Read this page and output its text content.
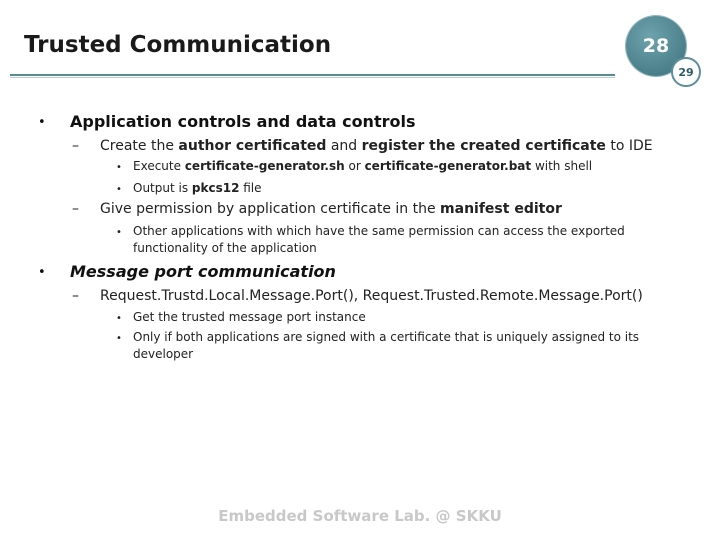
Trusted Communication	28
29
• Application controls and data controls
– Create the author certificated and register the created certificate to IDE
• Execute certificate-generator.sh or certificate-generator.bat with shell
• Output is pkcs12 file
– Give permission by application certificate in the manifest editor
• Other applications with which have the same permission can access the exported functionality of the application
• Message port communication
– Request.Trustd.Local.Message.Port(), Request.Trusted.Remote.Message.Port()
• Get the trusted message port instance
• Only if both applications are signed with a certificate that is uniquely assigned to its developer
Embedded Software Lab. @ SKKU
